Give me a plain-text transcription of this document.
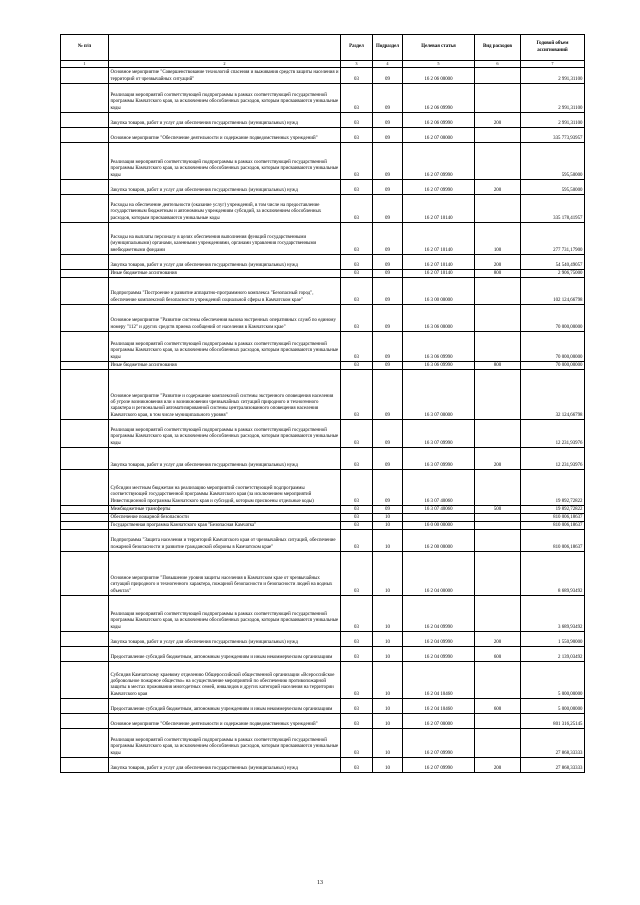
№ п/п		Раздел	Подраздел	Целевая статья	Вид расходов	Годовой объем ассигнований
1	2	3	4	5	6	7
	Основное мероприятие "Совершенствование технологий спасения и выживания средств защиты населения и территорий от чрезвычайных ситуаций"	03	09	16 2 06 00000		2 991,31100
	Реализация мероприятий соответствующей подпрограммы в рамках соответствующей государственной программы Камчатского края, за исключением обособленных расходов, которым присваиваются уникальные коды	03	09	16 2 06 09990		2 991,31100
	Закупка товаров, работ и услуг для обеспечения государственных (муниципальных) нужд	03	09	16 2 06 09990	200	2 991,31100
	Основное мероприятие "Обеспечение деятельности и содержание подведомственных учреждений"	03	09	16 2 07 00000		335 773,93957
	Реализация мероприятий соответствующей подпрограммы в рамках соответствующей государственной программы Камчатского края, за исключением обособленных расходов, которым присваиваются уникальные коды	03	09	16 2 07 09990		595,50000
	Закупка товаров, работ и услуг для обеспечения государственных (муниципальных) нужд	03	09	16 2 07 09990	200	595,50000
	Расходы на обеспечение деятельности (оказание услуг) учреждений, в том числе на предоставление государственным бюджетным и автономным учреждениям субсидий, за исключением обособленных расходов, которым присваиваются уникальные коды	03	09	16 2 07 10140		335 178,41957
	Расходы на выплаты персоналу в целях обеспечения выполнения функций государственными (муниципальными) органами, казенными учреждениями, органами управления государственными внебюджетными фондами	03	09	16 2 07 10140	100	277 731,17900
	Закупка товаров, работ и услуг для обеспечения государственных (муниципальных) нужд	03	09	16 2 07 10140	200	54 540,49057
	Иные бюджетные ассигнования	03	09	16 2 07 10140	800	2 906,75000
	Подпрограмма "Построение и развитие аппаратно-программного комплекса "Безопасный город", обеспечение комплексной безопасности учреждений социальной сферы в Камчатском крае"	03	09	16 3 00 00000		102 124,66798
	Основное мероприятие "Развитие системы обеспечения вызова экстренных оперативных служб по единому номеру "112" и других средств приема сообщений от населения в Камчатском крае"	03	09	16 3 06 00000		70 000,00000
	Реализация мероприятий соответствующей подпрограммы в рамках соответствующей государственной программы Камчатского края, за исключением обособленных расходов, которым присваиваются уникальные коды	03	09	16 3 06 09990		70 000,00000
	Иные бюджетные ассигнования	03	09	16 3 06 09990	800	70 000,00000
	Основное мероприятие "Развитие и содержание комплексной системы экстренного оповещения населения об угрозе возникновения или о возникновении чрезвычайных ситуаций природного и техногенного характера и региональной автоматизированной системы централизованного оповещения населения Камчатского края, в том числе муниципального уровня"	03	09	16 3 07 00000		32 124,66798
	Реализация мероприятий соответствующей подпрограммы в рамках соответствующей государственной программы Камчатского края, за исключением обособленных расходов, которым присваиваются уникальные коды	03	09	16 3 07 09990		12 231,93976
	Закупка товаров, работ и услуг для обеспечения государственных (муниципальных) нужд	03	09	16 3 07 09990	200	12 231,93976
	Субсидии местным бюджетам на реализацию мероприятий соответствующей подпрограммы соответствующей государственной программы Камчатского края (за исключением мероприятий Инвестиционной программы Камчатского края и субсидий, которым присвоены отдельные коды)	03	09	16 3 07 40060		19 892,72822
	Межбюджетные трансферты	03	09	16 3 07 40060	500	19 892,72822
	Обеспечение пожарной безопасности	03	10			810 006,18637
	Государственная программа Камчатского края "Безопасная Камчатка"	03	10	16 0 00 00000		810 006,18637
	Подпрограмма "Защита населения и территорий Камчатского края от чрезвычайных ситуаций, обеспечение пожарной безопасности и развитие гражданской обороны в Камчатском крае"	03	10	16 2 00 00000		810 006,18637
	Основное мероприятие "Повышение уровня защиты населения в Камчатском крае от чрезвычайных ситуаций природного и техногенного характера, пожарной безопасности и безопасности людей на водных объектах"	03	10	16 2 04 00000		8 689,93492
	Реализация мероприятий соответствующей подпрограммы в рамках соответствующей государственной программы Камчатского края, за исключением обособленных расходов, которым присваиваются уникальные коды	03	10	16 2 04 09990		3 689,93492
	Закупка товаров, работ и услуг для обеспечения государственных (муниципальных) нужд	03	10	16 2 04 09990	200	1 550,90000
	Предоставление субсидий бюджетным, автономным учреждениям и иным некоммерческим организациям	03	10	16 2 04 09990	600	2 139,03492
	Субсидия Камчатскому краевому отделению Общероссийской общественной организации «Всероссийское добровольное пожарное общество» на осуществление мероприятий по обеспечению противопожарной защиты в местах проживания многодетных семей, инвалидов и других категорий населения на территории Камчатского края	03	10	16 2 04 10460		5 000,00000
	Предоставление субсидий бюджетным, автономным учреждениям и иным некоммерческим организациям	03	10	16 2 04 10460	600	5 000,00000
	Основное мероприятие "Обеспечение деятельности и содержание подведомственных учреждений"	03	10	16 2 07 00000		801 316,25145
	Реализация мероприятий соответствующей подпрограммы в рамках соответствующей государственной программы Камчатского края, за исключением обособленных расходов, которым присваиваются уникальные коды	03	10	16 2 07 09990		27 868,33333
	Закупка товаров, работ и услуг для обеспечения государственных (муниципальных) нужд	03	10	16 2 07 09990	200	27 868,33333
13
